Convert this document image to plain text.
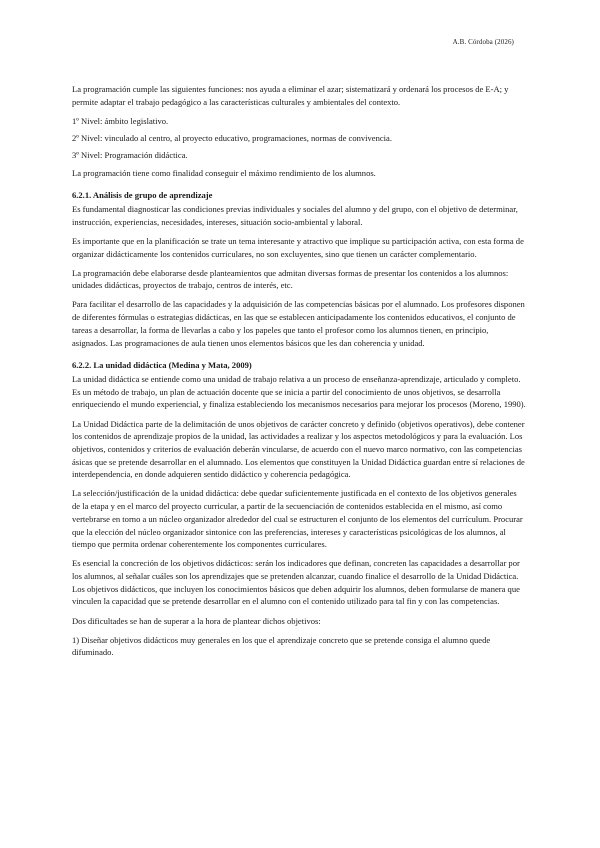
A.B. Córdoba (2026)

La programación cumple las siguientes funciones: nos ayuda a eliminar el azar; sistematizará y ordenará los procesos de E-A; y permite adaptar el trabajo pedagógico a las características culturales y ambientales del contexto.

1º Nivel: ámbito legislativo.

2º Nivel: vinculado al centro, al proyecto educativo, programaciones, normas de convivencia.

3º Nivel: Programación didáctica.

La programación tiene como finalidad conseguir el máximo rendimiento de los alumnos.

6.2.1. Análisis de grupo de aprendizaje

Es fundamental diagnosticar las condiciones previas individuales y sociales del alumno y del grupo, con el objetivo de determinar, instrucción, experiencias, necesidades, intereses, situación socio-ambiental y laboral.

Es importante que en la planificación se trate un tema interesante y atractivo que implique su participación activa, con esta forma de organizar didácticamente los contenidos curriculares, no son excluyentes, sino que tienen un carácter complementario.

La programación debe elaborarse desde planteamientos que admitan diversas formas de presentar los contenidos a los alumnos: unidades didácticas, proyectos de trabajo, centros de interés, etc.

Para facilitar el desarrollo de las capacidades y la adquisición de las competencias básicas por el alumnado. Los profesores disponen de diferentes fórmulas o estrategias didácticas, en las que se establecen anticipadamente los contenidos educativos, el conjunto de tareas a desarrollar, la forma de llevarlas a cabo y los papeles que tanto el profesor como los alumnos tienen, en principio, asignados. Las programaciones de aula tienen unos elementos básicos que les dan coherencia y unidad.

6.2.2. La unidad didáctica (Medina y Mata, 2009)

La unidad didáctica se entiende como una unidad de trabajo relativa a un proceso de enseñanza-aprendizaje, articulado y completo. Es un método de trabajo, un plan de actuación docente que se inicia a partir del conocimiento de unos objetivos, se desarrolla enriqueciendo el mundo experiencial, y finaliza estableciendo los mecanismos necesarios para mejorar los procesos (Moreno, 1990).

La Unidad Didáctica parte de la delimitación de unos objetivos de carácter concreto y definido (objetivos operativos), debe contener los contenidos de aprendizaje propios de la unidad, las actividades a realizar y los aspectos metodológicos y para la evaluación. Los objetivos, contenidos y criterios de evaluación deberán vincularse, de acuerdo con el nuevo marco normativo, con las competencias ásicas que se pretende desarrollar en el alumnado. Los elementos que constituyen la Unidad Didáctica guardan entre sí relaciones de interdependencia, en donde adquieren sentido didáctico y coherencia pedagógica.

La selección/justificación de la unidad didáctica: debe quedar suficientemente justificada en el contexto de los objetivos generales de la etapa y en el marco del proyecto curricular, a partir de la secuenciación de contenidos establecida en el mismo, así como vertebrarse en torno a un núcleo organizador alrededor del cual se estructuren el conjunto de los elementos del currículum. Procurar que la elección del núcleo organizador sintonice con las preferencias, intereses y características psicológicas de los alumnos, al tiempo que permita ordenar coherentemente los componentes curriculares.

Es esencial la concreción de los objetivos didácticos: serán los indicadores que definan, concreten las capacidades a desarrollar por los alumnos, al señalar cuáles son los aprendizajes que se pretenden alcanzar, cuando finalice el desarrollo de la Unidad Didáctica. Los objetivos didácticos, que incluyen los conocimientos básicos que deben adquirir los alumnos, deben formularse de manera que vinculen la capacidad que se pretende desarrollar en el alumno con el contenido utilizado para tal fin y con las competencias.

Dos dificultades se han de superar a la hora de plantear dichos objetivos:

1) Diseñar objetivos didácticos muy generales en los que el aprendizaje concreto que se pretende consiga el alumno quede difuminado.
